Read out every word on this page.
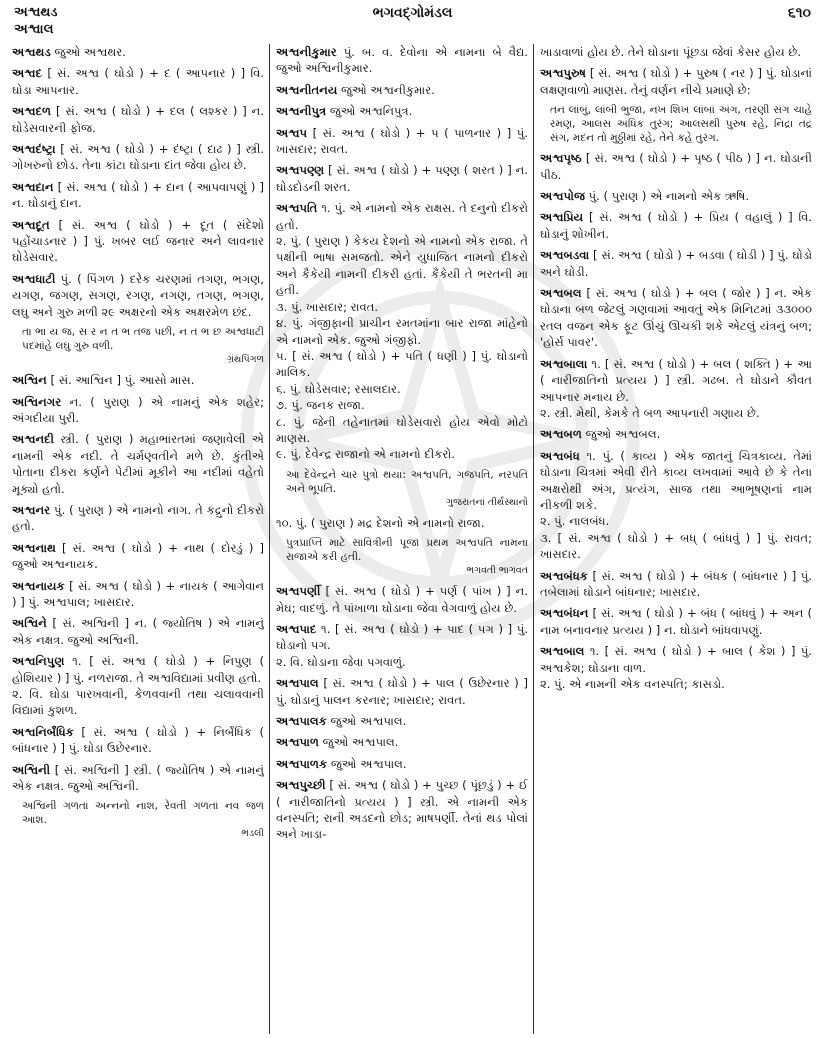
અશ્વથડ
અશ્વાલ
ભગવદ્ગોમંડલ	૬૧૦
અશ્વથડ જુઓ અશ્વથર.
અશ્વદ [ સં. અશ્વ ( ઘોડો ) + દ ( આપનાર ) ] વિ. ઘોડા આપનાર.
અશ્વદળ [ સં. અશ્વ ( ઘોડો ) + દલ ( લશ્કર ) ] ન. ઘોડેસવારની ફોજ.
અશ્વદંષ્ટ્રા [ સં. અશ્વ ( ઘોડો ) + દંષ્ટ્રા ( દાઢ ) ] સ્ત્રી. ગોખરુનો છોડ. તેના કાંટા ઘોડાના દાંત જેવા હોય છે.
અશ્વદાન [ સં. અશ્વ ( ઘોડો ) + દાન ( આપવાપણું ) ] ન. ઘોડાનું દાન.
અશ્વદૂત [ સં. અશ્વ ( ઘોડો ) + દૂત ( સંદેશો પહોંચાડનાર ) ] પું. ખબર લઈ જનાર અને લાવનાર ઘોડેસવાર.
અશ્વધાટી પું. ( પિંગળ ) દરેક ચરણમાં તગણ, ભગણ, યગણ, જગણ, સગણ, રગણ, નગણ, તગણ, ભગણ, લઘુ અને ગુરુ મળી ૨૯ અક્ષરનો એક અક્ષરમેળ છંદ.
તા ભા ય જ, સ ર ન ત ભ તજ પછી, ન ત ભ છ અશ્વધાટી પદમાંહે લઘુ ગુરુ વળી.
ગ્રંથપિંગળ
અશ્વિન [ સં. આશ્વિન ] પું. આસો માસ.
અશ્વિનગર ન. ( પુરાણ ) એ નામનું એક શહેર; અંગદીયા પુરી.
અશ્વનદી સ્ત્રી. ( પુરાણ ) મહાભારતમાં જણાવેલી એ નામની એક નદી. તે ચર્મણ્વતીને મળે છે. કુંતીએ પોતાના દીકરા કર્ણને પેટીમાં મૂકીને આ નદીમાં વહેતો મૂક્યો હતો.
અશ્વનર પું. ( પુરાણ ) એ નામનો નાગ. તે કદ્રુનો દીકરો હતો.
અશ્વનાથ [ સં. અશ્વ ( ઘોડો ) + નાથ ( દોરડું ) ] જુઓ અશ્વનાયક.
અશ્વનાયક [ સં. અશ્વ ( ઘોડો ) + નાયક ( આગેવાન ) ] પું. અશ્વપાલ; ખાસદાર.
અશ્વિને [ સં. અશ્વિની ] ન. ( જ્યોતિષ ) એ નામનું એક નક્ષત્ર. જુઓ અશ્વિની.
અશ્વનિપુણ ૧. [ સં. અશ્વ ( ઘોડો ) + નિપુણ ( હોશિયાર ) ] પું. નળરાજા. તે અશ્વવિદ્યામાં પ્રવીણ હતો.
૨. વિ. ઘોડા પારખવાની, કેળવવાની તથા ચલાવવાની વિદ્યામાં કુશળ.
અશ્વનિર્બંધિક [ સં. અશ્વ ( ઘોડો ) + નિર્બંધિક ( બાંધનાર ) ] પું. ઘોડા ઉછેરનાર.
અશ્વિની [ સં. અશ્વિની ] સ્ત્રી. ( જ્યોતિષ ) એ નામનું એક નક્ષત્ર. જુઓ અશ્વિની.
અશ્વિની ગળતાં અન્નનો નાશ, રેવતી ગળતાં નવ જળ આશ.
ભડલી
અશ્વનીકુમાર પું. બ. વ. દેવોના એ નામના બે વૈદ્ય. જુઓ અશ્વિનીકુમાર.
અશ્વનીતનય જુઓ અશ્વનીકુમાર.
અશ્વનીપુત્ર જુઓ અશ્વનિપુત્ર.
અશ્વપ [ સં. અશ્વ ( ઘોડો ) + પ ( પાળનાર ) ] પું. ખાસદાર; રાવત.
અશ્વપણ્ણ [ સં. અશ્વ ( ઘોડો ) + પણ્ણ ( શરત ) ] ન. ઘોડદોડની શરત.
અશ્વપતિ ૧. પું. એ નામનો એક રાક્ષસ. તે દનુનો દીકરો હતો.
૨. પું. ( પુરાણ ) કેકય દેશનો એ નામનો એક રાજા. તે પક્ષીની ભાષા સમજતો. એને યુધાજિત નામનો દીકરો અને કૈકેયી નામની દીકરી હતાં. કૈકેયી તે ભરતની મા હતી.
૩. પું. ખાસદાર; રાવત.
૪. પું. ગંજીફાની પ્રાચીન રમતમાંના બાર રાજા માંહેનો એ નામનો એક. જુઓ ગંજીફો.
૫. [ સં. અશ્વ ( ઘોડો ) + પતિ ( ધણી ) ] પું. ઘોડાનો માલિક.
૬. પું. ઘોડેસવાર; રસાલદાર.
૭. પું. જનક રાજા.
૮. પું. જેની તહેનાતમાં ઘોડેસવારો હોય એવો મોટો માણસ.
૯. પું. દેવેન્દ્ર રાજાનો એ નામનો દીકરો.
આ દેવેન્દ્રને ચાર પુત્રો થયા: અશ્વપતિ, ગજપતિ, નરપતિ અને ભૂપતિ.
ગુજરાતનાં તીર્થસ્થાનો
૧૦. પું. ( પુરાણ ) મદ્ર દેશનો એ નામનો રાજા.
પુત્રપ્રાપ્તિ માટે સાવિત્રીની પૂજા પ્રથમ અશ્વપતિ નામના રાજાએ કરી હતી.
ભગવતી ભાગવત
અશ્વપર્ણી [ સં. અશ્વ ( ઘોડો ) + પર્ણ ( પાંખ ) ] ન. મેઘ; વાદળું. તે પાંખાળા ઘોડાના જેવા વેગવાળું હોય છે.
અશ્વપાદ ૧. [ સં. અશ્વ ( ઘોડો ) + પાદ ( પગ ) ] પું. ઘોડાનો પગ.
૨. વિ. ઘોડાના જેવા પગવાળું.
અશ્વપાલ [ સં. અશ્વ ( ઘોડો ) + પાલ ( ઉછેરનાર ) ] પું. ઘોડાનું પાલન કરનાર; ખાસદાર; રાવત.
અશ્વપાલક જુઓ અશ્વપાલ.
અશ્વપાળ જુઓ અશ્વપાલ.
અશ્વપાળક જુઓ અશ્વપાલ.
અશ્વપુચ્છી [ સં. અશ્વ ( ઘોડો ) + પુચ્છ ( પૂંછડું ) + ઈ ( નારીજાતિનો પ્રત્યય ) ] સ્ત્રી. એ નામની એક વનસ્પતિ; રાની અડદનો છોડ; માષપર્ણી. તેનાં થડ પોલાં અને ખાડા-
ખાડાવાળાં હોય છે. તેને ઘોડાના પૂંછડા જેવાં કેસર હોય છે.
અશ્વપુરુષ [ સં. અશ્વ ( ઘોડો ) + પુરુષ ( નર ) ] પું. ઘોડાનાં લક્ષણવાળો માણસ. તેનું વર્ણન નીચે પ્રમાણે છે:
તન લાંબું, લાંબી ભુજા, નખ શિખ લાંબાં અંગ, તરણી સંગ ચાહે રમણ, આલસ અધિક તુરંગ; આલસથી પુરુષ રહે, નિદ્રા તદ્ર સંગ, મદન તો મુઠ્ઠીમાં રહે, તેને કહે તુરંગ.
અશ્વપૃષ્ઠ [ સં. અશ્વ ( ઘોડો ) + પૃષ્ઠ ( પીઠ ) ] ન. ઘોડાની પીઠ.
અશ્વપોજ પું. ( પુરાણ ) એ નામનો એક ઋષિ.
અશ્વપ્રિય [ સં. અશ્વ ( ઘોડો ) + પ્રિય ( વહાલું ) ] વિ. ઘોડાનું શોખીન.
અશ્વબડવા [ સં. અશ્વ ( ઘોડો ) + બડવા ( ઘોડી ) ] પું. ઘોડો અને ઘોડી.
અશ્વબલ [ સં. અશ્વ ( ઘોડો ) + બલ ( જોર ) ] ન. એક ઘોડાના બળ જેટલું ગણવામાં આવતું એક મિનિટમાં ૩૩૦૦૦ રતલ વજન એક ફૂટ ઊંચું ઊચકી શકે એટલું યંત્રનું બળ; 'હોર્સ પાવર'.
અશ્વબાલા ૧. [ સં. અશ્વ ( ઘોડો ) + બલ ( શક્તિ ) + આ ( નારીજાતિનો પ્રત્યય ) ] સ્ત્રી. ગઢબ. તે ઘોડાને કૌવત આપનાર મનાય છે.
૨. સ્ત્રી. મેથી, કેમકે તે બળ આપનારી ગણાય છે.
અશ્વબળ જુઓ અશ્વબલ.
અશ્વબંધ ૧. પું. ( કાવ્ય ) એક જાતનું ચિત્રકાવ્ય. તેમાં ઘોડાના ચિત્રમાં એવી રીતે કાવ્ય લખવામાં આવે છે કે તેના અક્ષરોથી અંગ, પ્રત્યંગ, સાજ તથા આભૂષણનાં નામ નીકળી શકે.
૨. પું. નાલબંધ.
૩. [ સં. અશ્વ ( ઘોડો ) + બધ્ ( બાંધવું ) ] પું. રાવત; ખાસદાર.
અશ્વબંધક [ સં. અશ્વ ( ઘોડો ) + બંધક ( બાંધનાર ) ] પું. તબેલામાં ઘોડાને બાંધનાર; ખાસદાર.
અશ્વબંધન [ સં. અશ્વ ( ઘોડો ) + બંધ ( બાંધવું ) + અન ( નામ બનાવનાર પ્રત્યય ) ] ન. ઘોડાને બાંધવાપણું.
અશ્વબાલ ૧. [ સં. અશ્વ ( ઘોડો ) + બાલ ( કેશ ) ] પું. અશ્વકેશ; ઘોડાના વાળ.
૨. પું. એ નામની એક વનસ્પતિ; કાસડો.
